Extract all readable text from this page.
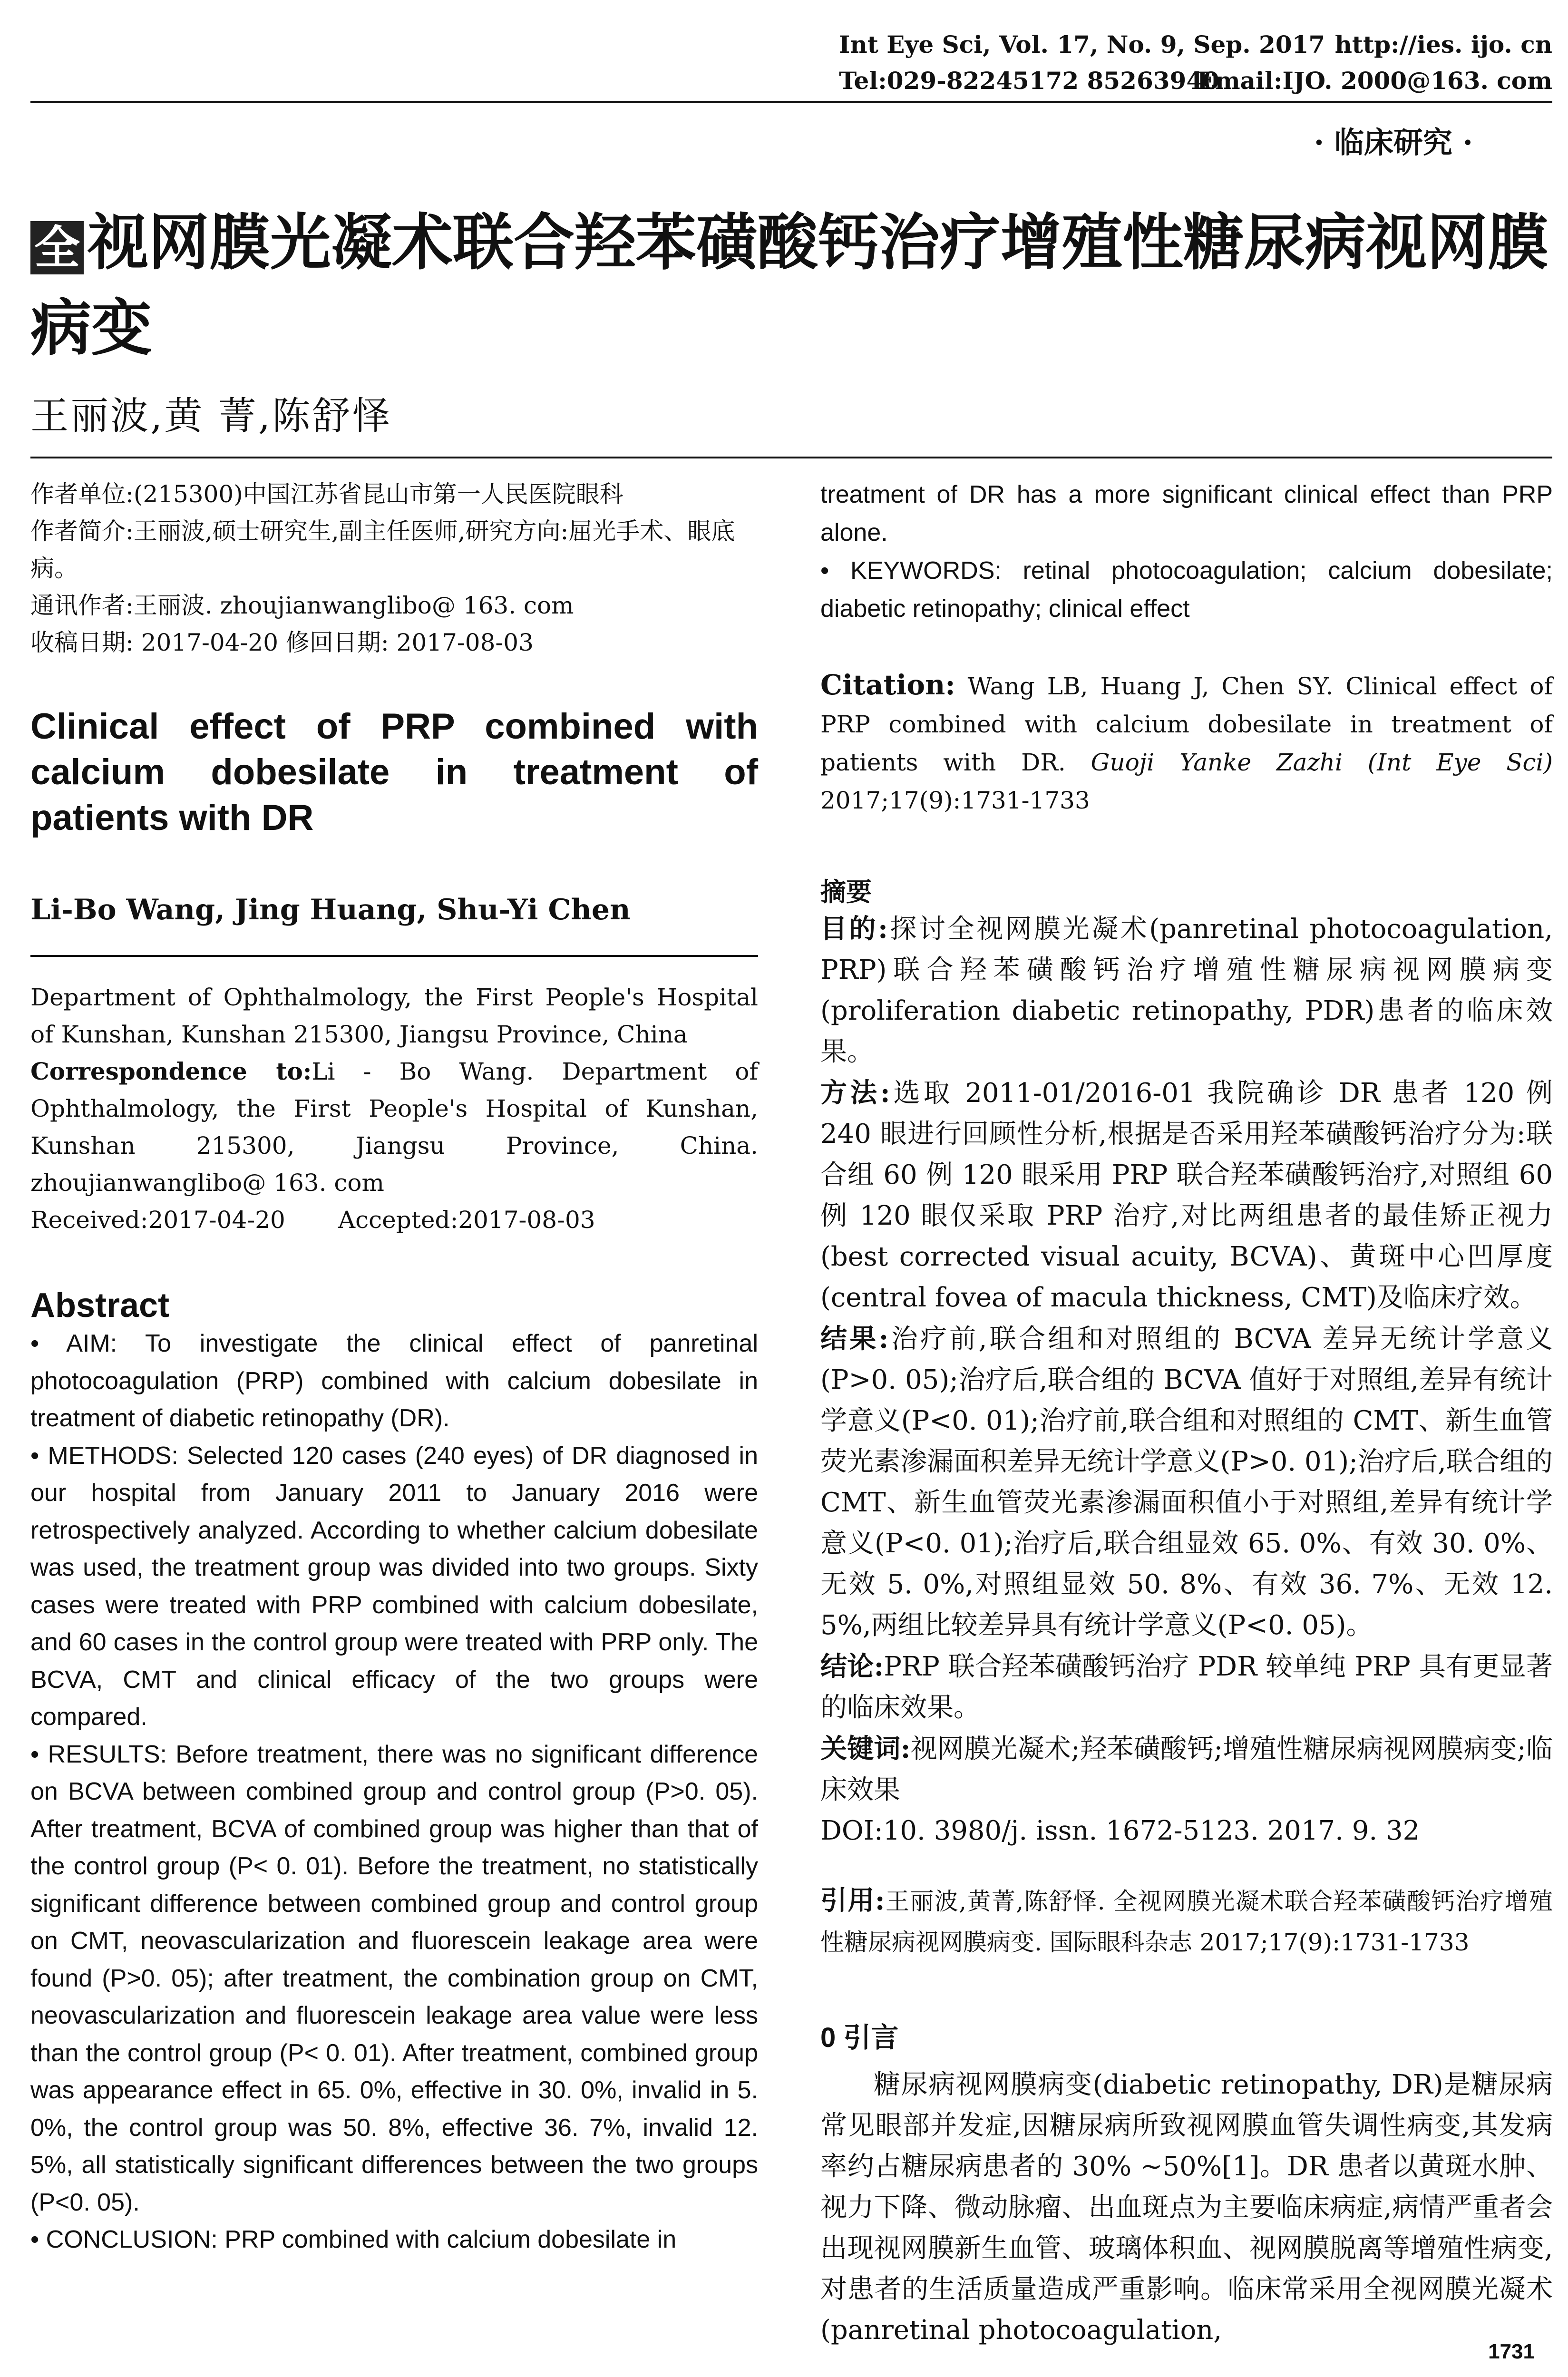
Int Eye Sci, Vol. 17, No. 9, Sep. 2017 http://ies. ijo. cn
Tel:029-82245172 85263940
Email:IJO. 2000@163. com
· 临床研究 ·
全 视网膜光凝术联合羟苯磺酸钙治疗增殖性糖尿病视网膜病变
王丽波,黄 菁,陈舒怿

作者单位:(215300)中国江苏省昆山市第一人民医院眼科

作者简介:王丽波,硕士研究生,副主任医师,研究方向:屈光手术、眼底病。

通讯作者:王丽波. zhoujianwanglibo@ 163. com

收稿日期: 2017-04-20 修回日期: 2017-08-03

Clinical effect of PRP combined with calcium dobesilate in treatment of patients with DR
Li-Bo Wang, Jing Huang, Shu-Yi Chen
Department of Ophthalmology, the First People's Hospital of Kunshan, Kunshan 215300, Jiangsu Province, China
Correspondence to:Li - Bo Wang. Department of Ophthalmology, the First People's Hospital of Kunshan, Kunshan 215300, Jiangsu Province, China. zhoujianwanglibo@ 163. com
Received:2017-04-20       Accepted:2017-08-03
Abstract

• AIM: To investigate the clinical effect of panretinal photocoagulation (PRP) combined with calcium dobesilate in treatment of diabetic retinopathy (DR).

• METHODS: Selected 120 cases (240 eyes) of DR diagnosed in our hospital from January 2011 to January 2016 were retrospectively analyzed. According to whether calcium dobesilate was used, the treatment group was divided into two groups. Sixty cases were treated with PRP combined with calcium dobesilate, and 60 cases in the control group were treated with PRP only. The BCVA, CMT and clinical efficacy of the two groups were compared.

• RESULTS: Before treatment, there was no significant difference on BCVA between combined group and control group (P>0. 05). After treatment, BCVA of combined group was higher than that of the control group (P< 0. 01). Before the treatment, no statistically significant difference between combined group and control group on CMT, neovascularization and fluorescein leakage area were found (P>0. 05); after treatment, the combination group on CMT, neovascularization and fluorescein leakage area value were less than the control group (P< 0. 01). After treatment, combined group was appearance effect in 65. 0%, effective in 30. 0%, invalid in 5. 0%, the control group was 50. 8%, effective 36. 7%, invalid 12. 5%, all statistically significant differences between the two groups (P<0. 05).

• CONCLUSION: PRP combined with calcium dobesilate in

treatment of DR has a more significant clinical effect than PRP alone.

• KEYWORDS: retinal photocoagulation; calcium dobesilate; diabetic retinopathy; clinical effect

Citation: Wang LB, Huang J, Chen SY. Clinical effect of PRP combined with calcium dobesilate in treatment of patients with DR. Guoji Yanke Zazhi (Int Eye Sci) 2017;17(9):1731-1733
摘要

目的:探讨全视网膜光凝术(panretinal photocoagulation, PRP)联合羟苯磺酸钙治疗增殖性糖尿病视网膜病变(proliferation diabetic retinopathy, PDR)患者的临床效果。

方法:选取 2011-01/2016-01 我院确诊 DR 患者 120 例 240 眼进行回顾性分析,根据是否采用羟苯磺酸钙治疗分为:联合组 60 例 120 眼采用 PRP 联合羟苯磺酸钙治疗,对照组 60 例 120 眼仅采取 PRP 治疗,对比两组患者的最佳矫正视力(best corrected visual acuity, BCVA)、黄斑中心凹厚度(central fovea of macula thickness, CMT)及临床疗效。

结果:治疗前,联合组和对照组的 BCVA 差异无统计学意义(P>0. 05);治疗后,联合组的 BCVA 值好于对照组,差异有统计学意义(P<0. 01);治疗前,联合组和对照组的 CMT、新生血管荧光素渗漏面积差异无统计学意义(P>0. 01);治疗后,联合组的 CMT、新生血管荧光素渗漏面积值小于对照组,差异有统计学意义(P<0. 01);治疗后,联合组显效 65. 0%、有效 30. 0%、无效 5. 0%,对照组显效 50. 8%、有效 36. 7%、无效 12. 5%,两组比较差异具有统计学意义(P<0. 05)。

结论:PRP 联合羟苯磺酸钙治疗 PDR 较单纯 PRP 具有更显著的临床效果。

关键词:视网膜光凝术;羟苯磺酸钙;增殖性糖尿病视网膜病变;临床效果

DOI:10. 3980/j. issn. 1672-5123. 2017. 9. 32

引用:王丽波,黄菁,陈舒怿. 全视网膜光凝术联合羟苯磺酸钙治疗增殖性糖尿病视网膜病变. 国际眼科杂志 2017;17(9):1731-1733
0 引言

糖尿病视网膜病变(diabetic retinopathy, DR)是糖尿病常见眼部并发症,因糖尿病所致视网膜血管失调性病变,其发病率约占糖尿病患者的 30% ~50%[1]。DR 患者以黄斑水肿、视力下降、微动脉瘤、出血斑点为主要临床病症,病情严重者会出现视网膜新生血管、玻璃体积血、视网膜脱离等增殖性病变,对患者的生活质量造成严重影响。临床常采用全视网膜光凝术(panretinal photocoagulation,

1731
